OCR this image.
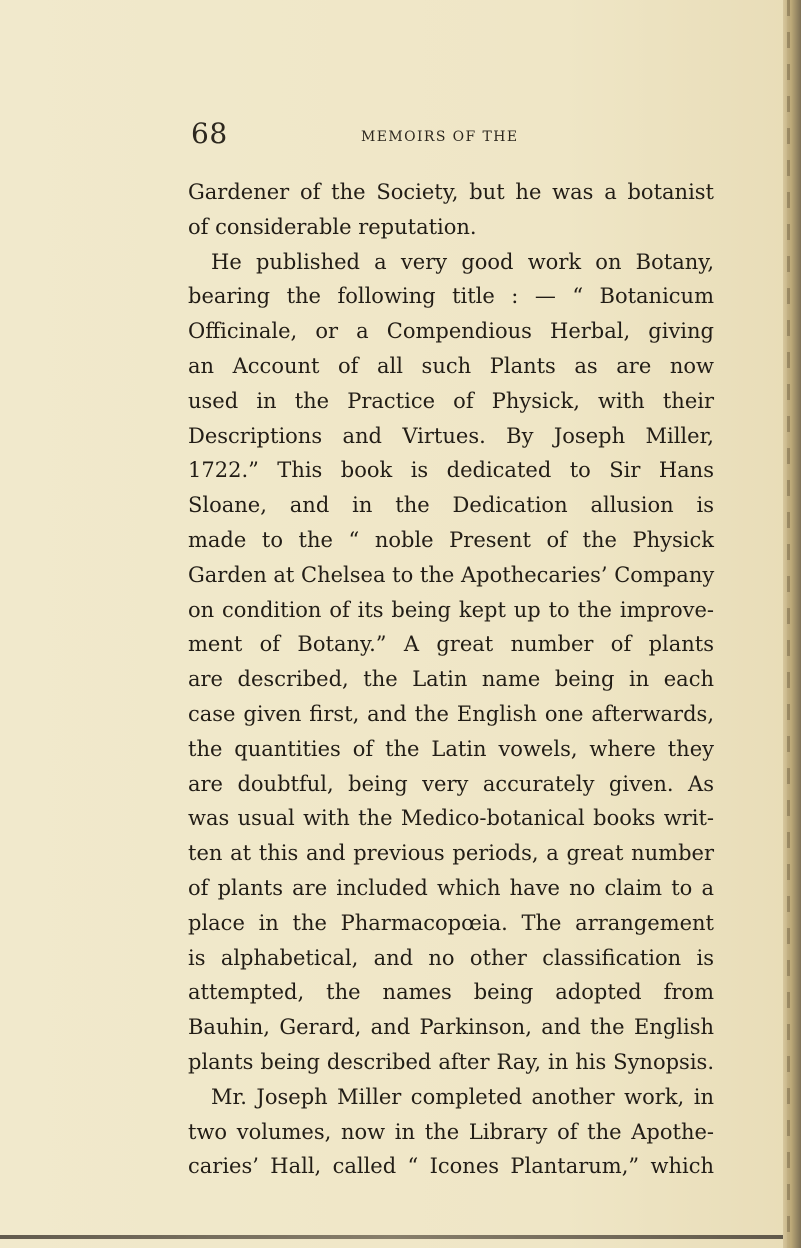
68	MEMOIRS OF THE
Gardener of the Society, but he was a botanist
of considerable reputation.
He published a very good work on Botany,
bearing the following title : — “ Botanicum
Officinale, or a Compendious Herbal, giving
an Account of all such Plants as are now
used in the Practice of Physick, with their
Descriptions and Virtues. By Joseph Miller,
1722.” This book is dedicated to Sir Hans
Sloane, and in the Dedication allusion is
made to the “ noble Present of the Physick
Garden at Chelsea to the Apothecaries’ Company
on condition of its being kept up to the improve-
ment of Botany.” A great number of plants
are described, the Latin name being in each
case given first, and the English one afterwards,
the quantities of the Latin vowels, where they
are doubtful, being very accurately given. As
was usual with the Medico-botanical books writ-
ten at this and previous periods, a great number
of plants are included which have no claim to a
place in the Pharmacopœia. The arrangement
is alphabetical, and no other classification is
attempted, the names being adopted from
Bauhin, Gerard, and Parkinson, and the English
plants being described after Ray, in his Synopsis.
Mr. Joseph Miller completed another work, in
two volumes, now in the Library of the Apothe-
caries’ Hall, called “ Icones Plantarum,” which
